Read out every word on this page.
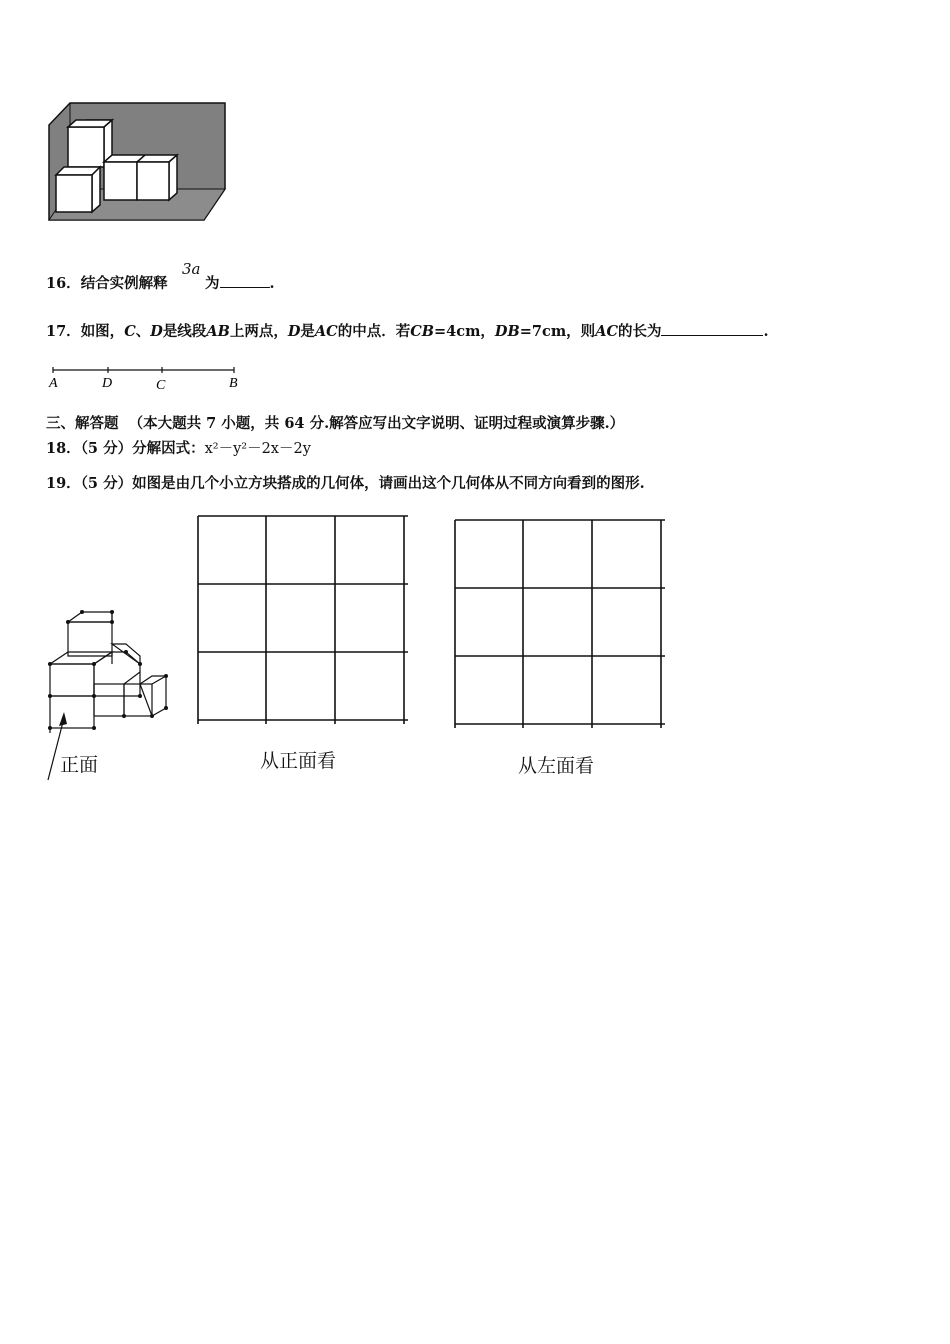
16．结合实例解释
3a
为	.
17．如图，C、D是线段AB上两点，D是AC的中点．若CB=4cm，DB=7cm，则AC的长为	.
A	D	C	B
三、解答题 （本大题共 7 小题，共 64 分.解答应写出文字说明、证明过程或演算步骤.）
18．（5 分）分解因式：x²－y²－2x－2y
19．（5 分）如图是由几个小立方块搭成的几何体，请画出这个几何体从不同方向看到的图形.
正面	从正面看	从左面看
